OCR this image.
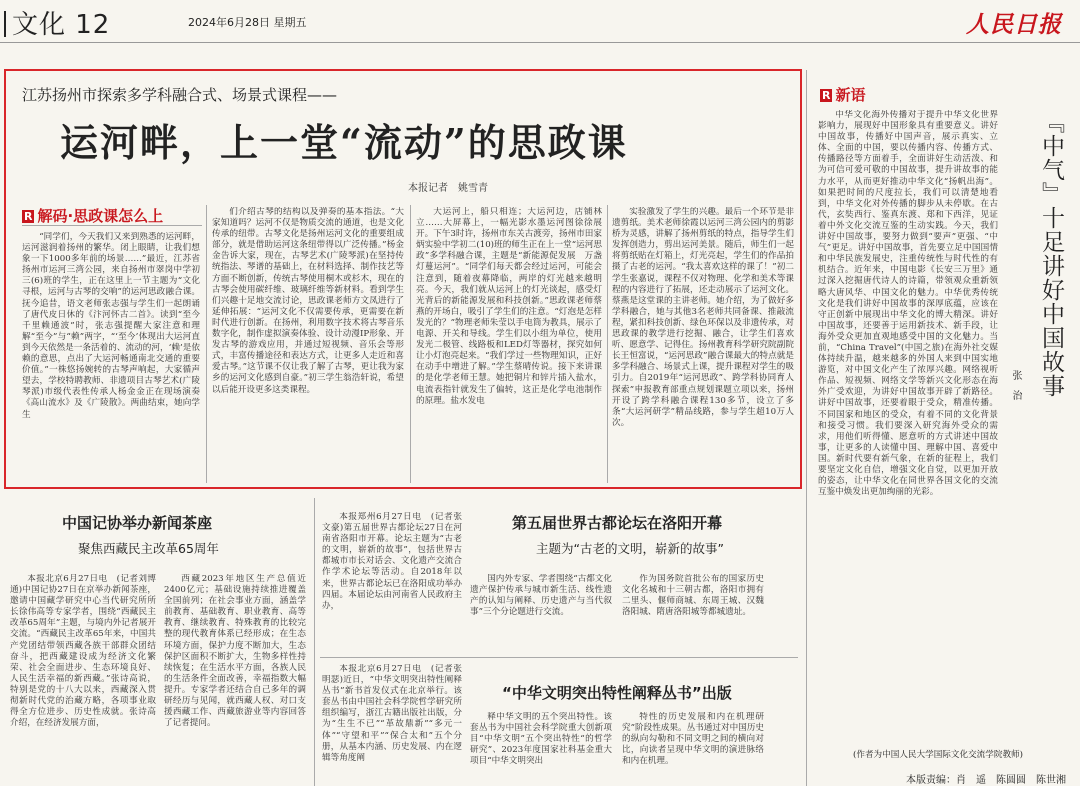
文化 12	2024年6月28日 星期五	人民日报
江苏扬州市探索多学科融合式、场景式课程——
运河畔，上一堂“流动”的思政课
本报记者　姚雪青
R 解码·思政课怎么上

“同学们，今天我们又来到熟悉的运河畔，运河滋润着扬州的繁华。闭上眼睛，让我们想象一下1000多年前的场景……”最近，江苏省扬州市运河三湾公园，来自扬州市翠岗中学初三(6)班的学生，正在这里上一节主题为“文化寻根，运河与古琴的交响”的运河思政融合课。抚今追昔，语文老师张志强与学生们一起朗诵了唐代皮日休的《汴河怀古二首》。读到“至今千里赖通波”时，张志强提醒大家注意和理解“至今”与“赖”两字，“‘至今’体现出大运河直到今天依然是一条活着的、流动的河，‘赖’是依赖的意思，点出了大运河畅通南北交通的重要价值。”一株悠扬婉转的古琴声响起，大家循声望去，学校特聘教师、非遗项目古琴艺术(广陵琴派)市级代表性传承人杨金金正在现场演奏《高山流水》及《广陵散》。两曲结束，她向学生

们介绍古琴的结构以及弹奏的基本指法。“大家知道吗？运河不仅是物质交流的通道，也是文化传承的纽带。古琴文化是扬州运河文化的重要组成部分，就是借助运河这条纽带得以广泛传播。”杨金金告诉大家，现在，古琴艺术(广陵琴派)在坚持传统指法、琴谱的基础上，在材料选择、制作技艺等方面不断创新，传统古琴使用桐木或杉木，现在的古琴会使用碳纤维、玻璃纤维等新材料。看到学生们兴趣十足地交流讨论，思政课老师方文凤进行了延伸拓展：“运河文化不仅需要传承，更需要在新时代进行创新。在扬州，利用数字技术将古琴音乐数字化，制作虚拟演奏体验、设计动漫IP形象、开发古琴的游戏应用，并通过短视频、音乐会等形式，丰富传播途径和表达方式，让更多人走近和喜爱古琴。”这节课不仅让我了解了古琴，更让我为家乡的运河文化感到自豪。”初三学生翁浩轩说，希望以后能开设更多这类课程。

大运河上，船只相连；大运河边，店铺林立……大屏幕上，一幅光影水墨运河图徐徐展开。下午3时许，扬州市东关古渡旁，扬州市田家炳实验中学初二(10)班的师生正在上一堂“运河思政”多学科融合课，主题是“新能源促发展　万盏灯蔓运河”。“同学们每天都会经过运河，可能会注意到，随着夜幕降临，两岸的灯光越来越明亮。今天，我们就从运河上的灯光谈起，感受灯光背后的新能源发展和科技创新。”思政课老师蔡燕的开场白，吸引了学生们的注意。“灯泡是怎样发光的？”物理老师朱莹以手电筒为教具，展示了电源、开关和导线。学生们以小组为单位，使用发光二极管、线路板和LED灯等器材，探究如何让小灯泡亮起来。“我们学过一些物理知识，正好在动手中增进了解。”学生蔡晴传说。接下来讲课的是化学老师王慧。她把铜片和锌片插入盐水，电流表指针就发生了偏转，这正是化学电池制作的原理。盐水发电

实验激发了学生的兴趣。最后一个环节是非遗剪纸。美术老师徐霞以运河三湾公园内的剪影桥为灵感，讲解了扬州剪纸的特点，指导学生们发挥创造力，剪出运河美景。随后，师生们一起将剪纸贴在灯箱上，灯光亮起，学生们的作品拍摄了古老的运河。“我太喜欢这样的课了！”初二学生张嘉说，课程不仅对物理、化学和美术等课程的内容进行了拓展，还走动展示了运河文化。蔡燕是这堂课的主讲老师。她介绍，为了做好多学科融合，她与其他3名老师共同备课、推敲流程，紧扣科技创新、绿色环保以及非遗传承，对思政课的教学进行挖掘、融合，让学生们喜欢听、愿意学、记得住。扬州教育科学研究院副院长王恒富说，“运河思政”融合课最大的特点就是多学科融合、场景式上课，提升课程对学生的吸引力。自2019年“运河思政”、跨学科协同育人探索”申报教育部重点规划课题立项以来，扬州开设了跨学科融合课程130多节，设立了多条“大运河研学”精品线路，参与学生超10万人次。

中国记协举办新闻茶座
聚焦西藏民主改革65周年

本报北京6月27日电　(记者刘博通)中国记协27日在京举办新闻茶座，邀请中国藏学研究中心当代研究所所长徐伟高等专家学者，围绕“西藏民主改革65周年”主题，与境内外记者展开交流。“西藏民主改革65年来，中国共产党团结带领西藏各族干部群众团结奋斗，把西藏建设成为经济文化繁荣、社会全面进步、生态环境良好、人民生活幸福的新西藏。”张诗高说，特别是党的十八大以来，西藏深入贯彻新时代党的治藏方略，各项事业取得全方位进步、历史性成就。张诗高介绍，在经济发展方面，

西藏2023年地区生产总值近2400亿元；基础设施持续推进覆盖全国前列；在社会事业方面，涵盖学前教育、基础教育、职业教育、高等教育、继续教育、特殊教育的比较完整的现代教育体系已经形成；在生态环境方面，保护力度不断加大，生态保护区面积不断扩大，生物多样性持续恢复；在生活水平方面，各族人民的生活条件全面改善，幸福指数大幅提升。专家学者还结合自己多年的调研经历与见闻，就西藏人权、对口支援西藏工作、西藏旅游业等内容回答了记者提问。

本报郑州6月27日电　(记者张文豪)第五届世界古都论坛27日在河南省洛阳市开幕。论坛主题为“古老的文明，崭新的故事”，包括世界古都城市市长对话会、文化遗产交流合作学术论坛等活动。自2018年以来，世界古都论坛已在洛阳成功举办四届。本届论坛由河南省人民政府主办，

第五届世界古都论坛在洛阳开幕
主题为“古老的文明，崭新的故事”

国内外专家、学者围绕“古都文化遗产保护传承与城市新生活、线性遗产的认知与阐释、历史遗产与当代叙事”三个分论题进行交流。

作为国务院首批公布的国家历史文化名城和十三朝古都，洛阳市拥有二里头、偃师商城、东周王城、汉魏洛阳城、隋唐洛阳城等都城遗址。

本报北京6月27日电　(记者张明瑟)近日，“中华文明突出特性阐释丛书”新书首发仪式在北京举行。该套丛书由中国社会科学院哲学研究所组织编写，浙江古籍出版社出版，分为“生生不已”“革故鼎新”“多元一体”“守望和平”“保合太和”五个分册，从基本内涵、历史发展、内在逻辑等角度阐

“中华文明突出特性阐释丛书”出版

释中华文明的五个突出特性。该套丛书为中国社会科学院重大创新项目“中华文明”五个突出特性“的哲学研究”、2023年度国家社科基金重大项目“中华文明突出

特性的历史发展和内在机理研究”阶段性成果。丛书通过对中国历史的纵向勾勒和不同文明之间的横向对比，向读者呈现中华文明的演进脉络和内在机理。

R 新语

中华文化海外传播对于提升中华文化世界影响力，展现好中国形象具有重要意义。讲好中国故事，传播好中国声音，展示真实、立体、全面的中国，要以传播内容、传播方式、传播路径等方面着手，全面讲好生动活泼、和为可信可爱可敬的中国故事，提升讲故事的能力水平，从而更好推动中华文化“扬帆出海”。如果把时间的尺度拉长，我们可以清楚地看到，中华文化对外传播的脚步从未停歇。在古代，玄奘西行、鉴真东渡、郑和下西洋，见证着中外文化交流互鉴的生动实践。今天，我们讲好中国故事，要努力做到“要声”更强、“中气”更足。讲好中国故事，首先要立足中国国情和中华民族发展史，注重传统性与时代性的有机结合。近年来，中国电影《长安三万里》通过深入挖掘唐代诗人的诗篇，带领观众重新领略大唐风华、中国文化的魅力。中华优秀传统文化是我们讲好中国故事的深厚底蕴，应该在守正创新中展现出中华文化的博大精深。讲好中国故事，还要善于运用新技术、新手段，让海外受众更加直观地感受中国的文化魅力。当前，“China Travel”(中国之旅)在海外社交媒体持续升温，越来越多的外国人来到中国实地游览，对中国文化产生了浓厚兴趣。网络视听作品、短视频、网络文学等新兴文化形态在海外广受欢迎，为讲好中国故事开辟了新路径。讲好中国故事，还要着眼于受众，精准传播。不同国家和地区的受众，有着不同的文化背景和接受习惯。我们要深入研究海外受众的需求，用他们听得懂、愿意听的方式讲述中国故事，让更多的人读懂中国、理解中国、喜爱中国。新时代要有新气象，在新的征程上，我们要坚定文化自信，增强文化自觉，以更加开放的姿态，让中华文化在同世界各国文化的交流互鉴中焕发出更加绚丽的光彩。

『中气』十足讲好中国故事
张　治
(作者为中国人民大学国际文化交流学院教师)
本版责编：肖　遥　陈圆圆　陈世湘
